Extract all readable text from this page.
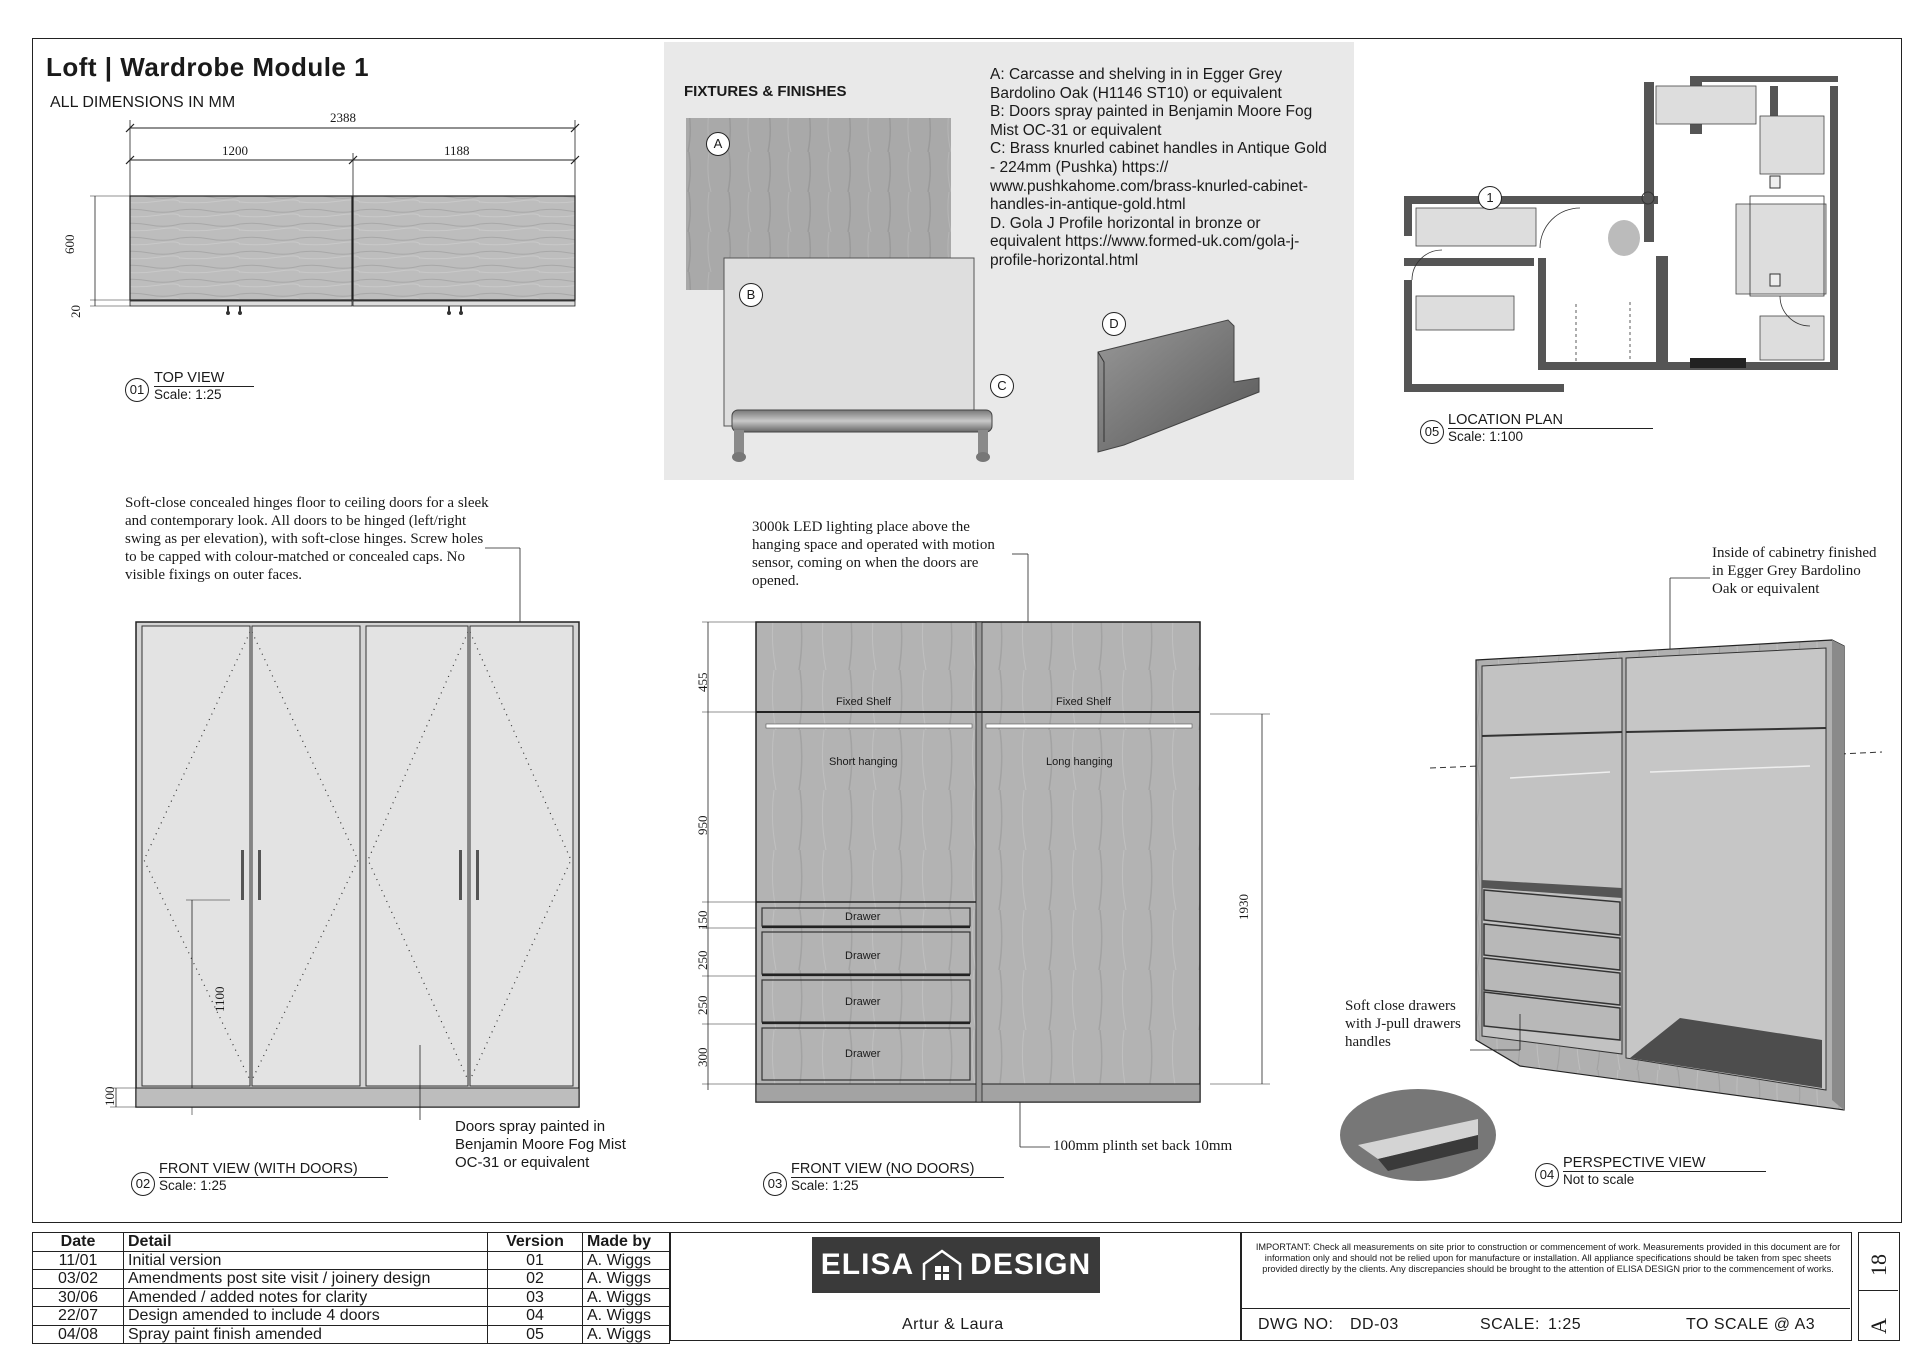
Loft | Wardrobe Module 1
ALL DIMENSIONS IN MM
2388
1200	1188
600
20
01
TOP VIEW
Scale: 1:25
FIXTURES & FINISHES
A
B
C
D
A: Carcasse and shelving in in Egger Grey Bardolino Oak (H1146 ST10) or equivalent
B: Doors spray painted in Benjamin Moore Fog Mist OC-31 or equivalent
C: Brass knurled cabinet handles in Antique Gold - 224mm (Pushka) https:// www.pushkahome.com/brass-knurled-cabinet-handles-in-antique-gold.html
D. Gola J Profile horizontal in bronze or equivalent https://www.formed-uk.com/gola-j-profile-horizontal.html
1
05
LOCATION PLAN
Scale: 1:100
Soft-close concealed hinges floor to ceiling doors for a sleek and contemporary look. All doors to be hinged (left/right swing as per elevation), with soft-close hinges. Screw holes to be capped with colour-matched or concealed caps. No visible fixings on outer faces.
1100
100
Doors spray painted in Benjamin Moore Fog Mist OC-31 or equivalent
02
FRONT VIEW (WITH DOORS)
Scale: 1:25
3000k LED lighting place above the hanging space and operated with motion sensor, coming on when the doors are opened.
455
950
150
250
250
300
1930
Fixed Shelf	Fixed Shelf
Short hanging	Long hanging
Drawer
Drawer
Drawer
Drawer
100mm plinth set back 10mm
03
FRONT VIEW (NO DOORS)
Scale: 1:25
Inside of cabinetry finished in Egger Grey Bardolino Oak or equivalent
Soft close drawers with J-pull drawers handles
04
PERSPECTIVE VIEW
Not to scale
Date	Detail	Version	Made by
11/01	Initial version	01	A. Wiggs
03/02	Amendments post site visit / joinery design	02	A. Wiggs
30/06	Amended / added notes for clarity	03	A. Wiggs
22/07	Design amended to include 4 doors	04	A. Wiggs
04/08	Spray paint finish amended	05	A. Wiggs
ELISA DESIGN
Artur & Laura
IMPORTANT: Check all measurements on site prior to construction or commencement of work. Measurements provided in this document are for information only and should not be relied upon for manufacture or installation. All appliance specifications should be taken from spec sheets provided directly by the clients. Any discrepancies should be brought to the attention of ELISA DESIGN prior to the commencement of works.
DWG NO: DD-03	SCALE: 1:25	TO SCALE @ A3
18
A
